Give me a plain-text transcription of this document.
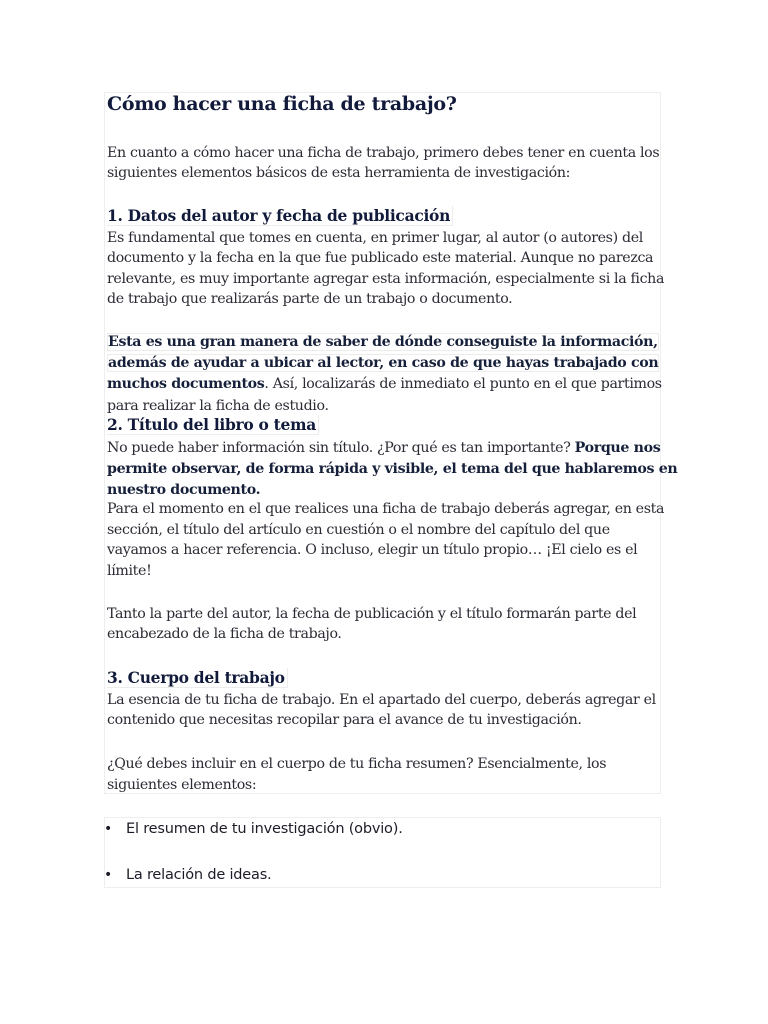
Cómo hacer una ficha de trabajo?

En cuanto a cómo hacer una ficha de trabajo, primero debes tener en cuenta los

siguientes elementos básicos de esta herramienta de investigación:

1. Datos del autor y fecha de publicación

Es fundamental que tomes en cuenta, en primer lugar, al autor (o autores) del

documento y la fecha en la que fue publicado este material. Aunque no parezca

relevante, es muy importante agregar esta información, especialmente si la ficha

de trabajo que realizarás parte de un trabajo o documento.

Esta es una gran manera de saber de dónde conseguiste la información,

además de ayudar a ubicar al lector, en caso de que hayas trabajado con

muchos documentos. Así, localizarás de inmediato el punto en el que partimos

para realizar la ficha de estudio.

2. Título del libro o tema

No puede haber información sin título. ¿Por qué es tan importante? Porque nos

permite observar, de forma rápida y visible, el tema del que hablaremos en

nuestro documento.

Para el momento en el que realices una ficha de trabajo deberás agregar, en esta

sección, el título del artículo en cuestión o el nombre del capítulo del que

vayamos a hacer referencia. O incluso, elegir un título propio… ¡El cielo es el

límite!

Tanto la parte del autor, la fecha de publicación y el título formarán parte del

encabezado de la ficha de trabajo.

3. Cuerpo del trabajo

La esencia de tu ficha de trabajo. En el apartado del cuerpo, deberás agregar el

contenido que necesitas recopilar para el avance de tu investigación.

¿Qué debes incluir en el cuerpo de tu ficha resumen? Esencialmente, los

siguientes elementos:

• El resumen de tu investigación (obvio).
• La relación de ideas.
